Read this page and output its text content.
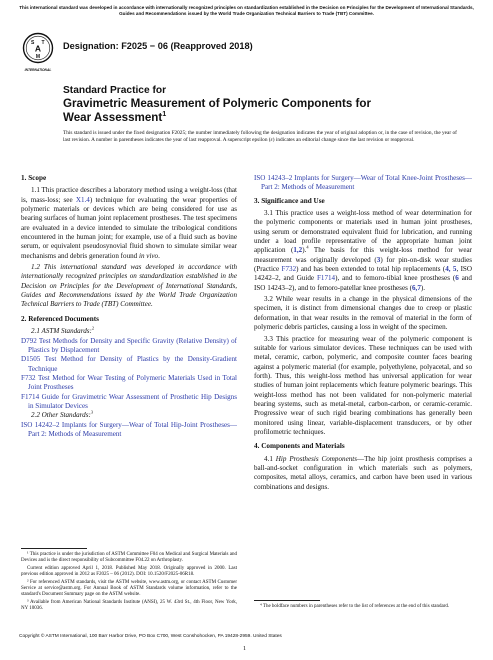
This international standard was developed in accordance with internationally recognized principles on standardization established in the Decision on Principles for the Development of International Standards, Guides and Recommendations issued by the World Trade Organization Technical Barriers to Trade (TBT) Committee.
A
S T
M
INTERNATIONAL
Designation: F2025 − 06 (Reapproved 2018)
Standard Practice for
Gravimetric Measurement of Polymeric Components for
Wear Assessment$^1$
This standard is issued under the fixed designation F2025; the number immediately following the designation indicates the year of original adoption or, in the case of revision, the year of last revision. A number in parentheses indicates the year of last reapproval. A superscript epsilon (ε) indicates an editorial change since the last revision or reapproval.

1. Scope

1.1 This practice describes a laboratory method using a weight-loss (that is, mass-loss; see X1.4) technique for evaluating the wear properties of polymeric materials or devices which are being considered for use as bearing surfaces of human joint replacement prostheses. The test specimens are evaluated in a device intended to simulate the tribological conditions encountered in the human joint; for example, use of a fluid such as bovine serum, or equivalent pseudosynovial fluid shown to simulate similar wear mechanisms and debris generation found in vivo.

1.2 This international standard was developed in accordance with internationally recognized principles on standardization established in the Decision on Principles for the Development of International Standards, Guides and Recommendations issued by the World Trade Organization Technical Barriers to Trade (TBT) Committee.

2. Referenced Documents

2.1 ASTM Standards:$^2$

D792 Test Methods for Density and Specific Gravity (Relative Density) of Plastics by Displacement

D1505 Test Method for Density of Plastics by the Density-Gradient Technique

F732 Test Method for Wear Testing of Polymeric Materials Used in Total Joint Prostheses

F1714 Guide for Gravimetric Wear Assessment of Prosthetic Hip Designs in Simulator Devices

2.2 Other Standards:$^3$

ISO 14242–2 Implants for Surgery—Wear of Total Hip-Joint Prostheses—Part 2: Methods of Measurement

¹ This practice is under the jurisdiction of ASTM Committee F04 on Medical and Surgical Materials and Devices and is the direct responsibility of Subcommittee F04.22 on Arthroplasty.

Current edition approved April 1, 2018. Published May 2018. Originally approved in 2000. Last previous edition approved in 2012 as F2025 – 06 (2012). DOI: 10.1520/F2025-06R18.

² For referenced ASTM standards, visit the ASTM website, www.astm.org, or contact ASTM Customer Service at service@astm.org. For Annual Book of ASTM Standards volume information, refer to the standard's Document Summary page on the ASTM website.

³ Available from American National Standards Institute (ANSI), 25 W. 43rd St., 4th Floor, New York, NY 10036.

ISO 14243–2 Implants for Surgery—Wear of Total Knee-Joint Prostheses—Part 2: Methods of Measurement

3. Significance and Use

3.1 This practice uses a weight-loss method of wear determination for the polymeric components or materials used in human joint prostheses, using serum or demonstrated equivalent fluid for lubrication, and running under a load profile representative of the appropriate human joint application (1,2).$^4$ The basis for this weight-loss method for wear measurement was originally developed (3) for pin-on-disk wear studies (Practice F732) and has been extended to total hip replacements (4, 5, ISO 14242–2, and Guide F1714), and to femoro-tibial knee prostheses (6 and ISO 14243–2), and to femoro-patellar knee prostheses (6,7).

3.2 While wear results in a change in the physical dimensions of the specimen, it is distinct from dimensional changes due to creep or plastic deformation, in that wear results in the removal of material in the form of polymeric debris particles, causing a loss in weight of the specimen.

3.3 This practice for measuring wear of the polymeric component is suitable for various simulator devices. These techniques can be used with metal, ceramic, carbon, polymeric, and composite counter faces bearing against a polymeric material (for example, polyethylene, polyacetal, and so forth). Thus, this weight-loss method has universal application for wear studies of human joint replacements which feature polymeric bearings. This weight-loss method has not been validated for non-polymeric material bearing systems, such as metal-metal, carbon-carbon, or ceramic-ceramic. Progressive wear of such rigid bearing combinations has generally been monitored using linear, variable-displacement transducers, or by other profilometric techniques.

4. Components and Materials

4.1 Hip Prosthesis Components—The hip joint prosthesis comprises a ball-and-socket configuration in which materials such as polymers, composites, metal alloys, ceramics, and carbon have been used in various combinations and designs.

⁴ The boldface numbers in parentheses refer to the list of references at the end of this standard.

Copyright © ASTM International, 100 Barr Harbor Drive, PO Box C700, West Conshohocken, PA 19428-2959. United States
1
